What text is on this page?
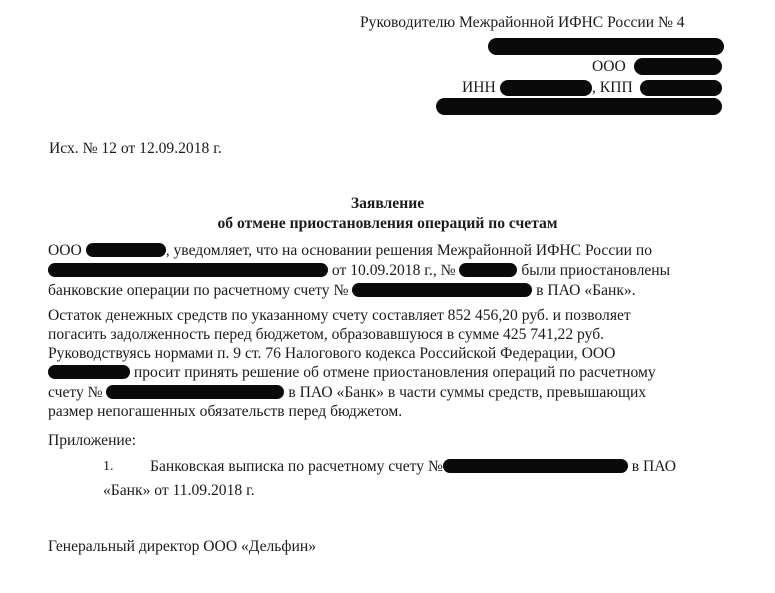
Руководителю Межрайонной ИФНС России № 4
ООО
ИНН	, КПП
Исх. № 12 от 12.09.2018 г.
Заявление
об отмене приостановления операций по счетам
ООО	, уведомляет, что на основании решения Межрайонной ИФНС России по
от 10.09.2018 г., №	были приостановлены
банковские операции по расчетному счету №	в ПАО «Банк».
Остаток денежных средств по указанному счету составляет 852 456,20 руб. и позволяет
погасить задолженность перед бюджетом, образовавшуюся в сумме 425 741,22 руб.
Руководствуясь нормами п. 9 ст. 76 Налогового кодекса Российской Федерации, ООО
просит принять решение об отмене приостановления операций по расчетному
счету №	в ПАО «Банк» в части суммы средств, превышающих
размер непогашенных обязательств перед бюджетом.
Приложение:
1. Банковская выписка по расчетному счету №	в ПАО
«Банк» от 11.09.2018 г.
Генеральный директор ООО «Дельфин»
